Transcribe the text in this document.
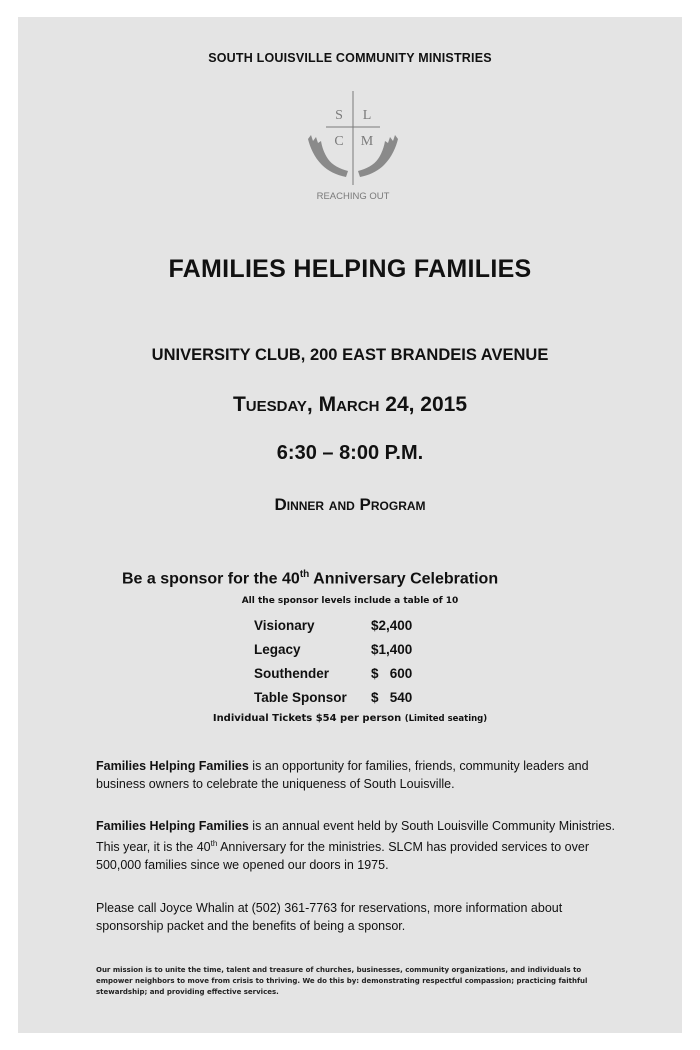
SOUTH LOUISVILLE COMMUNITY MINISTRIES
S L
C M
REACHING OUT
FAMILIES HELPING FAMILIES
UNIVERSITY CLUB, 200 EAST BRANDEIS AVENUE
Tuesday, March 24, 2015
6:30 – 8:00 P.M.
Dinner and Program
Be a sponsor for the 40th Anniversary Celebration
All the sponsor levels include a table of 10
Visionary	$2,400
Legacy	$1,400
Southender	$   600
Table Sponsor	$   540
Individual Tickets $54 per person (Limited seating)
Families Helping Families is an opportunity for families, friends, community leaders and business owners to celebrate the uniqueness of South Louisville.
Families Helping Families is an annual event held by South Louisville Community Ministries. This year, it is the 40th Anniversary for the ministries. SLCM has provided services to over 500,000 families since we opened our doors in 1975.
Please call Joyce Whalin at (502) 361-7763 for reservations, more information about sponsorship packet and the benefits of being a sponsor.
Our mission is to unite the time, talent and treasure of churches, businesses, community organizations, and individuals to empower neighbors to move from crisis to thriving. We do this by: demonstrating respectful compassion; practicing faithful stewardship; and providing effective services.
